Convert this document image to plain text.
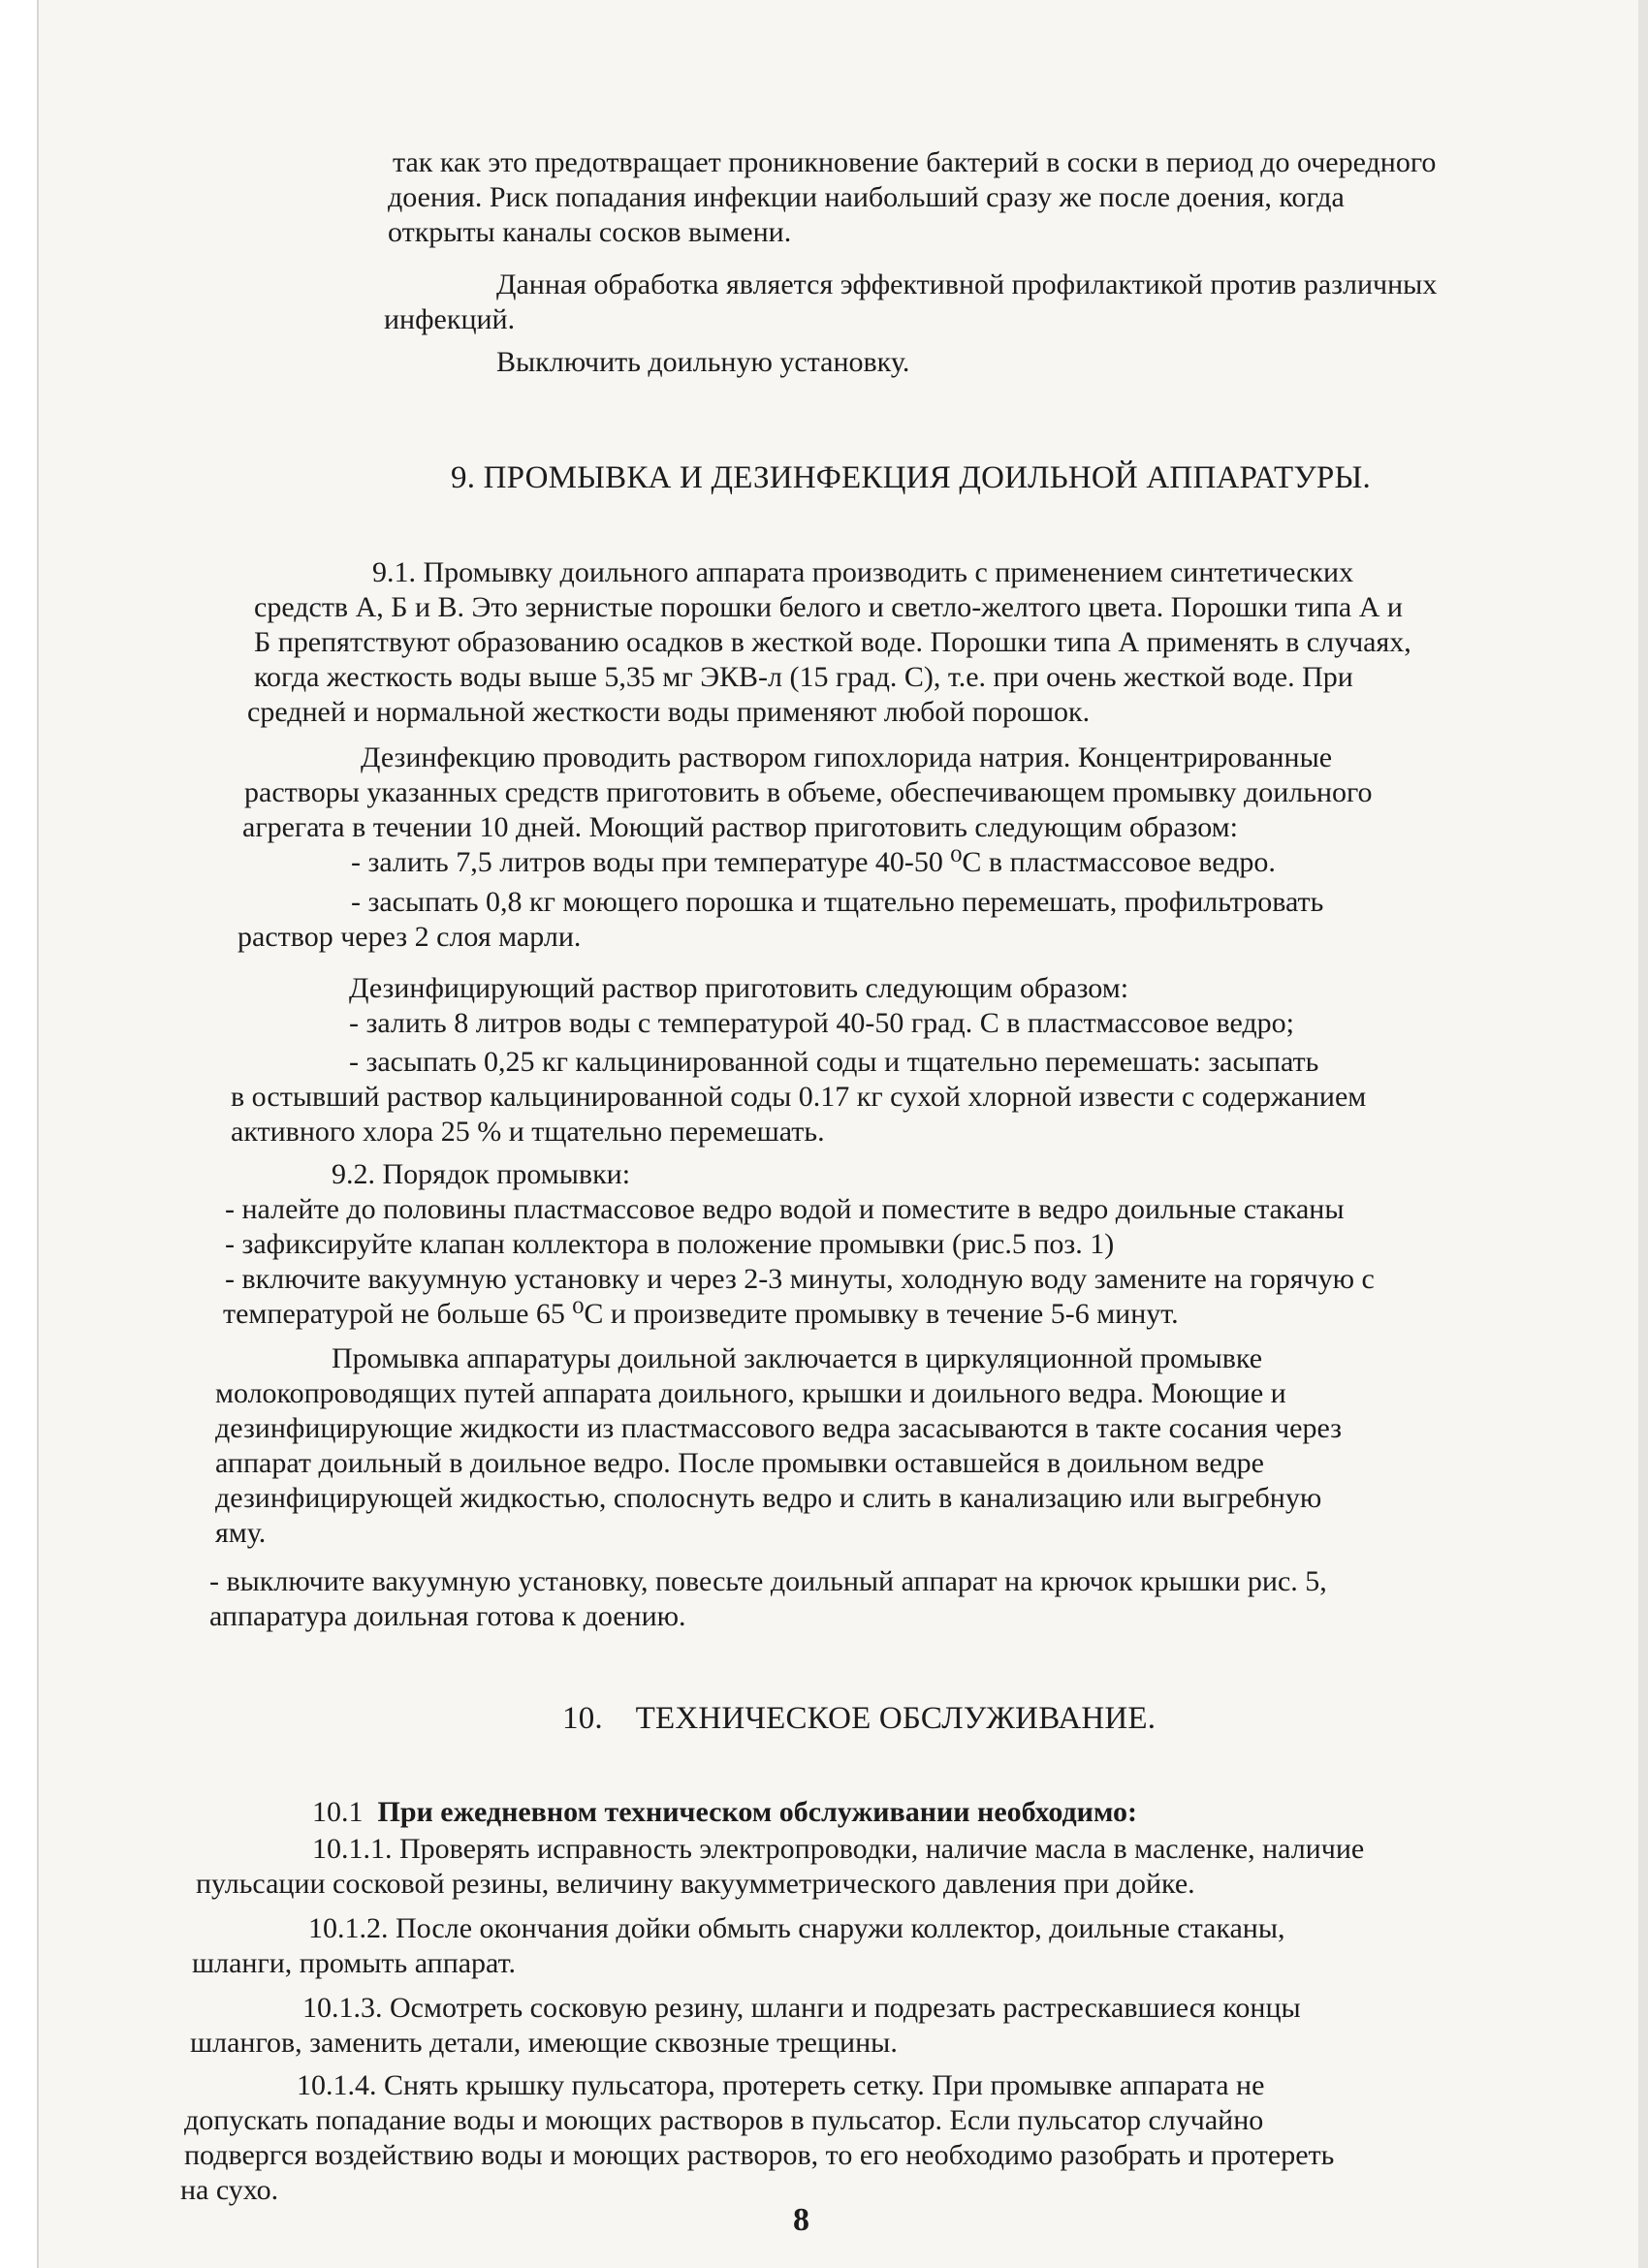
так как это предотвращает проникновение бактерий в соски в период до очередного

доения. Риск попадания инфекции наибольший сразу же после доения, когда

открыты каналы сосков вымени.

Данная обработка является эффективной профилактикой против различных

инфекций.

Выключить доильную установку.

9. ПРОМЫВКА И ДЕЗИНФЕКЦИЯ ДОИЛЬНОЙ АППАРАТУРЫ.

9.1. Промывку доильного аппарата производить с применением синтетических

средств А, Б и В. Это зернистые порошки белого и светло-желтого цвета. Порошки типа А и

Б препятствуют образованию осадков в жесткой воде. Порошки типа А применять в случаях,

когда жесткость воды выше 5,35 мг ЭКВ-л (15 град. С), т.е. при очень жесткой воде. При

средней и нормальной жесткости воды применяют любой порошок.

Дезинфекцию проводить раствором гипохлорида натрия. Концентрированные

растворы указанных средств приготовить в объеме, обеспечивающем промывку доильного

агрегата в течении 10 дней. Моющий раствор приготовить следующим образом:

- залить 7,5 литров воды при температуре 40-50 ⁰С в пластмассовое ведро.

- засыпать 0,8 кг моющего порошка и тщательно перемешать, профильтровать

раствор через 2 слоя марли.

Дезинфицирующий раствор приготовить следующим образом:

- залить 8 литров воды с температурой 40-50 град. С в пластмассовое ведро;

- засыпать 0,25 кг кальцинированной соды и тщательно перемешать: засыпать

в остывший раствор кальцинированной соды 0.17 кг сухой хлорной извести с содержанием

активного хлора 25 % и тщательно перемешать.

9.2. Порядок промывки:

- налейте до половины пластмассовое ведро водой и поместите в ведро доильные стаканы

- зафиксируйте клапан коллектора в положение промывки (рис.5 поз. 1)

- включите вакуумную установку и через 2-3 минуты, холодную воду замените на горячую с

температурой не больше 65 ⁰С и произведите промывку в течение 5-6 минут.

Промывка аппаратуры доильной заключается в циркуляционной промывке

молокопроводящих путей аппарата доильного, крышки и доильного ведра. Моющие и

дезинфицирующие жидкости из пластмассового ведра засасываются в такте сосания через

аппарат доильный в доильное ведро. После промывки оставшейся в доильном ведре

дезинфицирующей жидкостью, сполоснуть ведро и слить в канализацию или выгребную

яму.

- выключите вакуумную установку, повесьте доильный аппарат на крючок крышки рис. 5,

аппаратура доильная готова к доению.

10.    ТЕХНИЧЕСКОЕ ОБСЛУЖИВАНИЕ.

10.1  При ежедневном техническом обслуживании необходимо:

10.1.1. Проверять исправность электропроводки, наличие масла в масленке, наличие

пульсации сосковой резины, величину вакуумметрического давления при дойке.

10.1.2. После окончания дойки обмыть снаружи коллектор, доильные стаканы,

шланги, промыть аппарат.

10.1.3. Осмотреть сосковую резину, шланги и подрезать растрескавшиеся концы

шлангов, заменить детали, имеющие сквозные трещины.

10.1.4. Снять крышку пульсатора, протереть сетку. При промывке аппарата не

допускать попадание воды и моющих растворов в пульсатор. Если пульсатор случайно

подвергся воздействию воды и моющих растворов, то его необходимо разобрать и протереть

на сухо.

8
